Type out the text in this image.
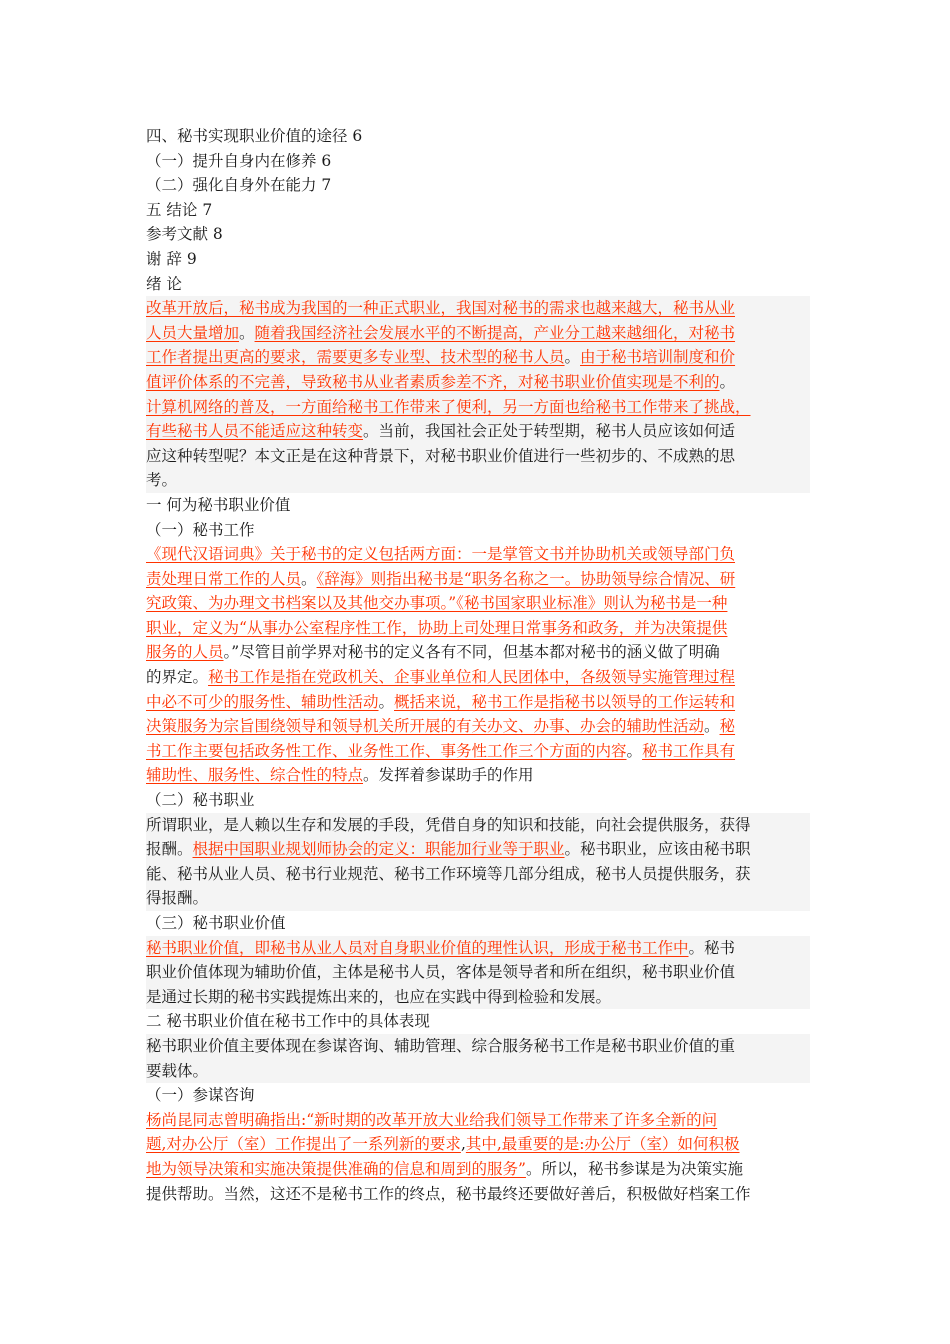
四、秘书实现职业价值的途径 6
（一）提升自身内在修养 6
（二）强化自身外在能力 7
五 结论 7
参考文献 8
谢 辞 9
绪 论
改革开放后，秘书成为我国的一种正式职业，我国对秘书的需求也越来越大，秘书从业
人员大量增加。随着我国经济社会发展水平的不断提高，产业分工越来越细化，对秘书
工作者提出更高的要求，需要更多专业型、技术型的秘书人员。由于秘书培训制度和价
值评价体系的不完善，导致秘书从业者素质参差不齐，对秘书职业价值实现是不利的。
计算机网络的普及，一方面给秘书工作带来了便利，另一方面也给秘书工作带来了挑战，
有些秘书人员不能适应这种转变。当前，我国社会正处于转型期，秘书人员应该如何适
应这种转型呢？本文正是在这种背景下，对秘书职业价值进行一些初步的、不成熟的思
考。
一 何为秘书职业价值
（一）秘书工作
《现代汉语词典》关于秘书的定义包括两方面：一是掌管文书并协助机关或领导部门负
责处理日常工作的人员。《辞海》则指出秘书是“职务名称之一。协助领导综合情况、研
究政策、为办理文书档案以及其他交办事项。”《秘书国家职业标准》则认为秘书是一种
职业，定义为“从事办公室程序性工作，协助上司处理日常事务和政务，并为决策提供
服务的人员。”尽管目前学界对秘书的定义各有不同，但基本都对秘书的涵义做了明确
的界定。秘书工作是指在党政机关、企事业单位和人民团体中，各级领导实施管理过程
中必不可少的服务性、辅助性活动。概括来说，秘书工作是指秘书以领导的工作运转和
决策服务为宗旨围绕领导和领导机关所开展的有关办文、办事、办会的辅助性活动。秘
书工作主要包括政务性工作、业务性工作、事务性工作三个方面的内容。秘书工作具有
辅助性、服务性、综合性的特点。发挥着参谋助手的作用
（二）秘书职业
所谓职业，是人赖以生存和发展的手段，凭借自身的知识和技能，向社会提供服务，获得
报酬。根据中国职业规划师协会的定义：职能加行业等于职业。秘书职业，应该由秘书职
能、秘书从业人员、秘书行业规范、秘书工作环境等几部分组成，秘书人员提供服务，获
得报酬。
（三）秘书职业价值
秘书职业价值，即秘书从业人员对自身职业价值的理性认识，形成于秘书工作中。秘书
职业价值体现为辅助价值，主体是秘书人员，客体是领导者和所在组织，秘书职业价值
是通过长期的秘书实践提炼出来的，也应在实践中得到检验和发展。
二 秘书职业价值在秘书工作中的具体表现
秘书职业价值主要体现在参谋咨询、辅助管理、综合服务秘书工作是秘书职业价值的重
要载体。
（一）参谋咨询
杨尚昆同志曾明确指出:“新时期的改革开放大业给我们领导工作带来了许多全新的问
题,对办公厅（室）工作提出了一系列新的要求,其中,最重要的是:办公厅（室）如何积极
地为领导决策和实施决策提供准确的信息和周到的服务”。所以，秘书参谋是为决策实施
提供帮助。当然，这还不是秘书工作的终点，秘书最终还要做好善后，积极做好档案工作
